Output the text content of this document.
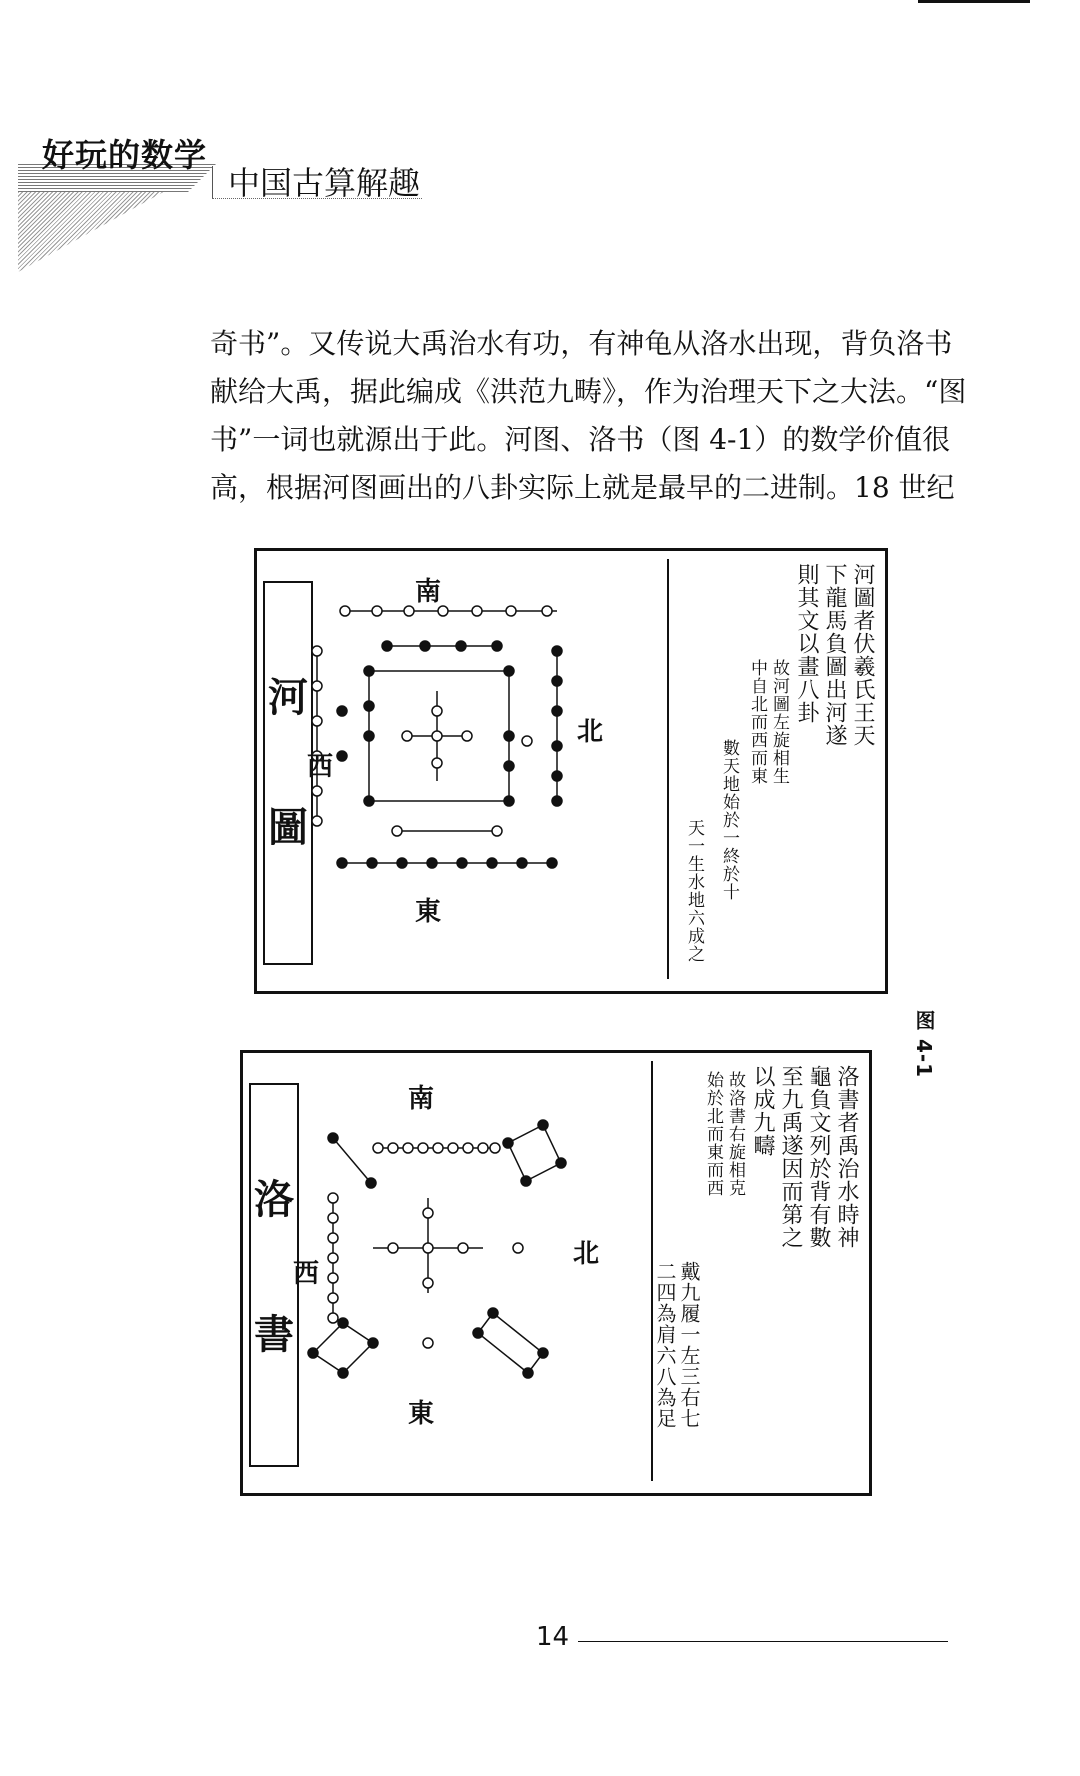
好玩的数学
中国古算解趣
奇书”。又传说大禹治水有功，有神龟从洛水出现，背负洛书
献给大禹，据此编成《洪范九畴》，作为治理天下之大法。“图
书”一词也就源出于此。河图、洛书（图 4-1）的数学价值很
高，根据河图画出的八卦实际上就是最早的二进制。18 世纪
河
圖
南
東
西
北	河圖者伏羲氏王天
下龍馬負圖出河遂
則其文以畫八卦
故河圖左旋相生
中自北而西而東
數天地始於一終於十
天一生水地六成之
洛
書
南
東
西
北
洛書者禹治水時神
龜負文列於背有數
至九禹遂因而第之
以成九疇
故洛書右旋相克
始於北而東而西
戴九履一左三右七
二四為肩六八為足
图 4-1
14
